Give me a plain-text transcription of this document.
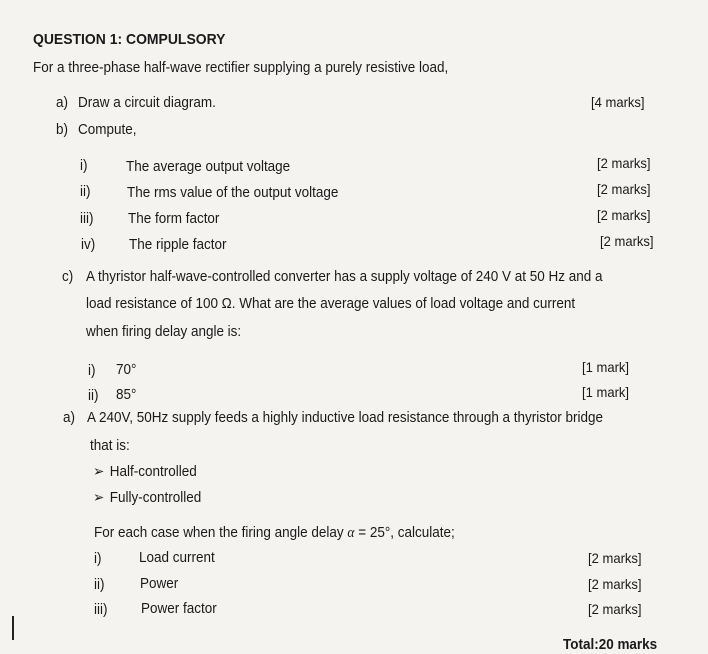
QUESTION 1: COMPULSORY
For a three-phase half-wave rectifier supplying a purely resistive load,
a) Draw a circuit diagram.	[4 marks]
b) Compute,
i)	The average output voltage	[2 marks]
ii)	The rms value of the output voltage	[2 marks]
iii) The form factor	[2 marks]
iv) The ripple factor	[2 marks]
c) A thyristor half-wave-controlled converter has a supply voltage of 240 V at 50 Hz and a
load resistance of 100 Ω. What are the average values of load voltage and current
when firing delay angle is:
i) 70°	[1 mark]
ii) 85°	[1 mark]
a) A 240V, 50Hz supply feeds a highly inductive load resistance through a thyristor bridge
that is:
➢ Half-controlled
➢ Fully-controlled
For each case when the firing angle delay α = 25°, calculate;
i)	Load current	[2 marks]
ii) Power	[2 marks]
iii) Power factor	[2 marks]
Total:20 marks
